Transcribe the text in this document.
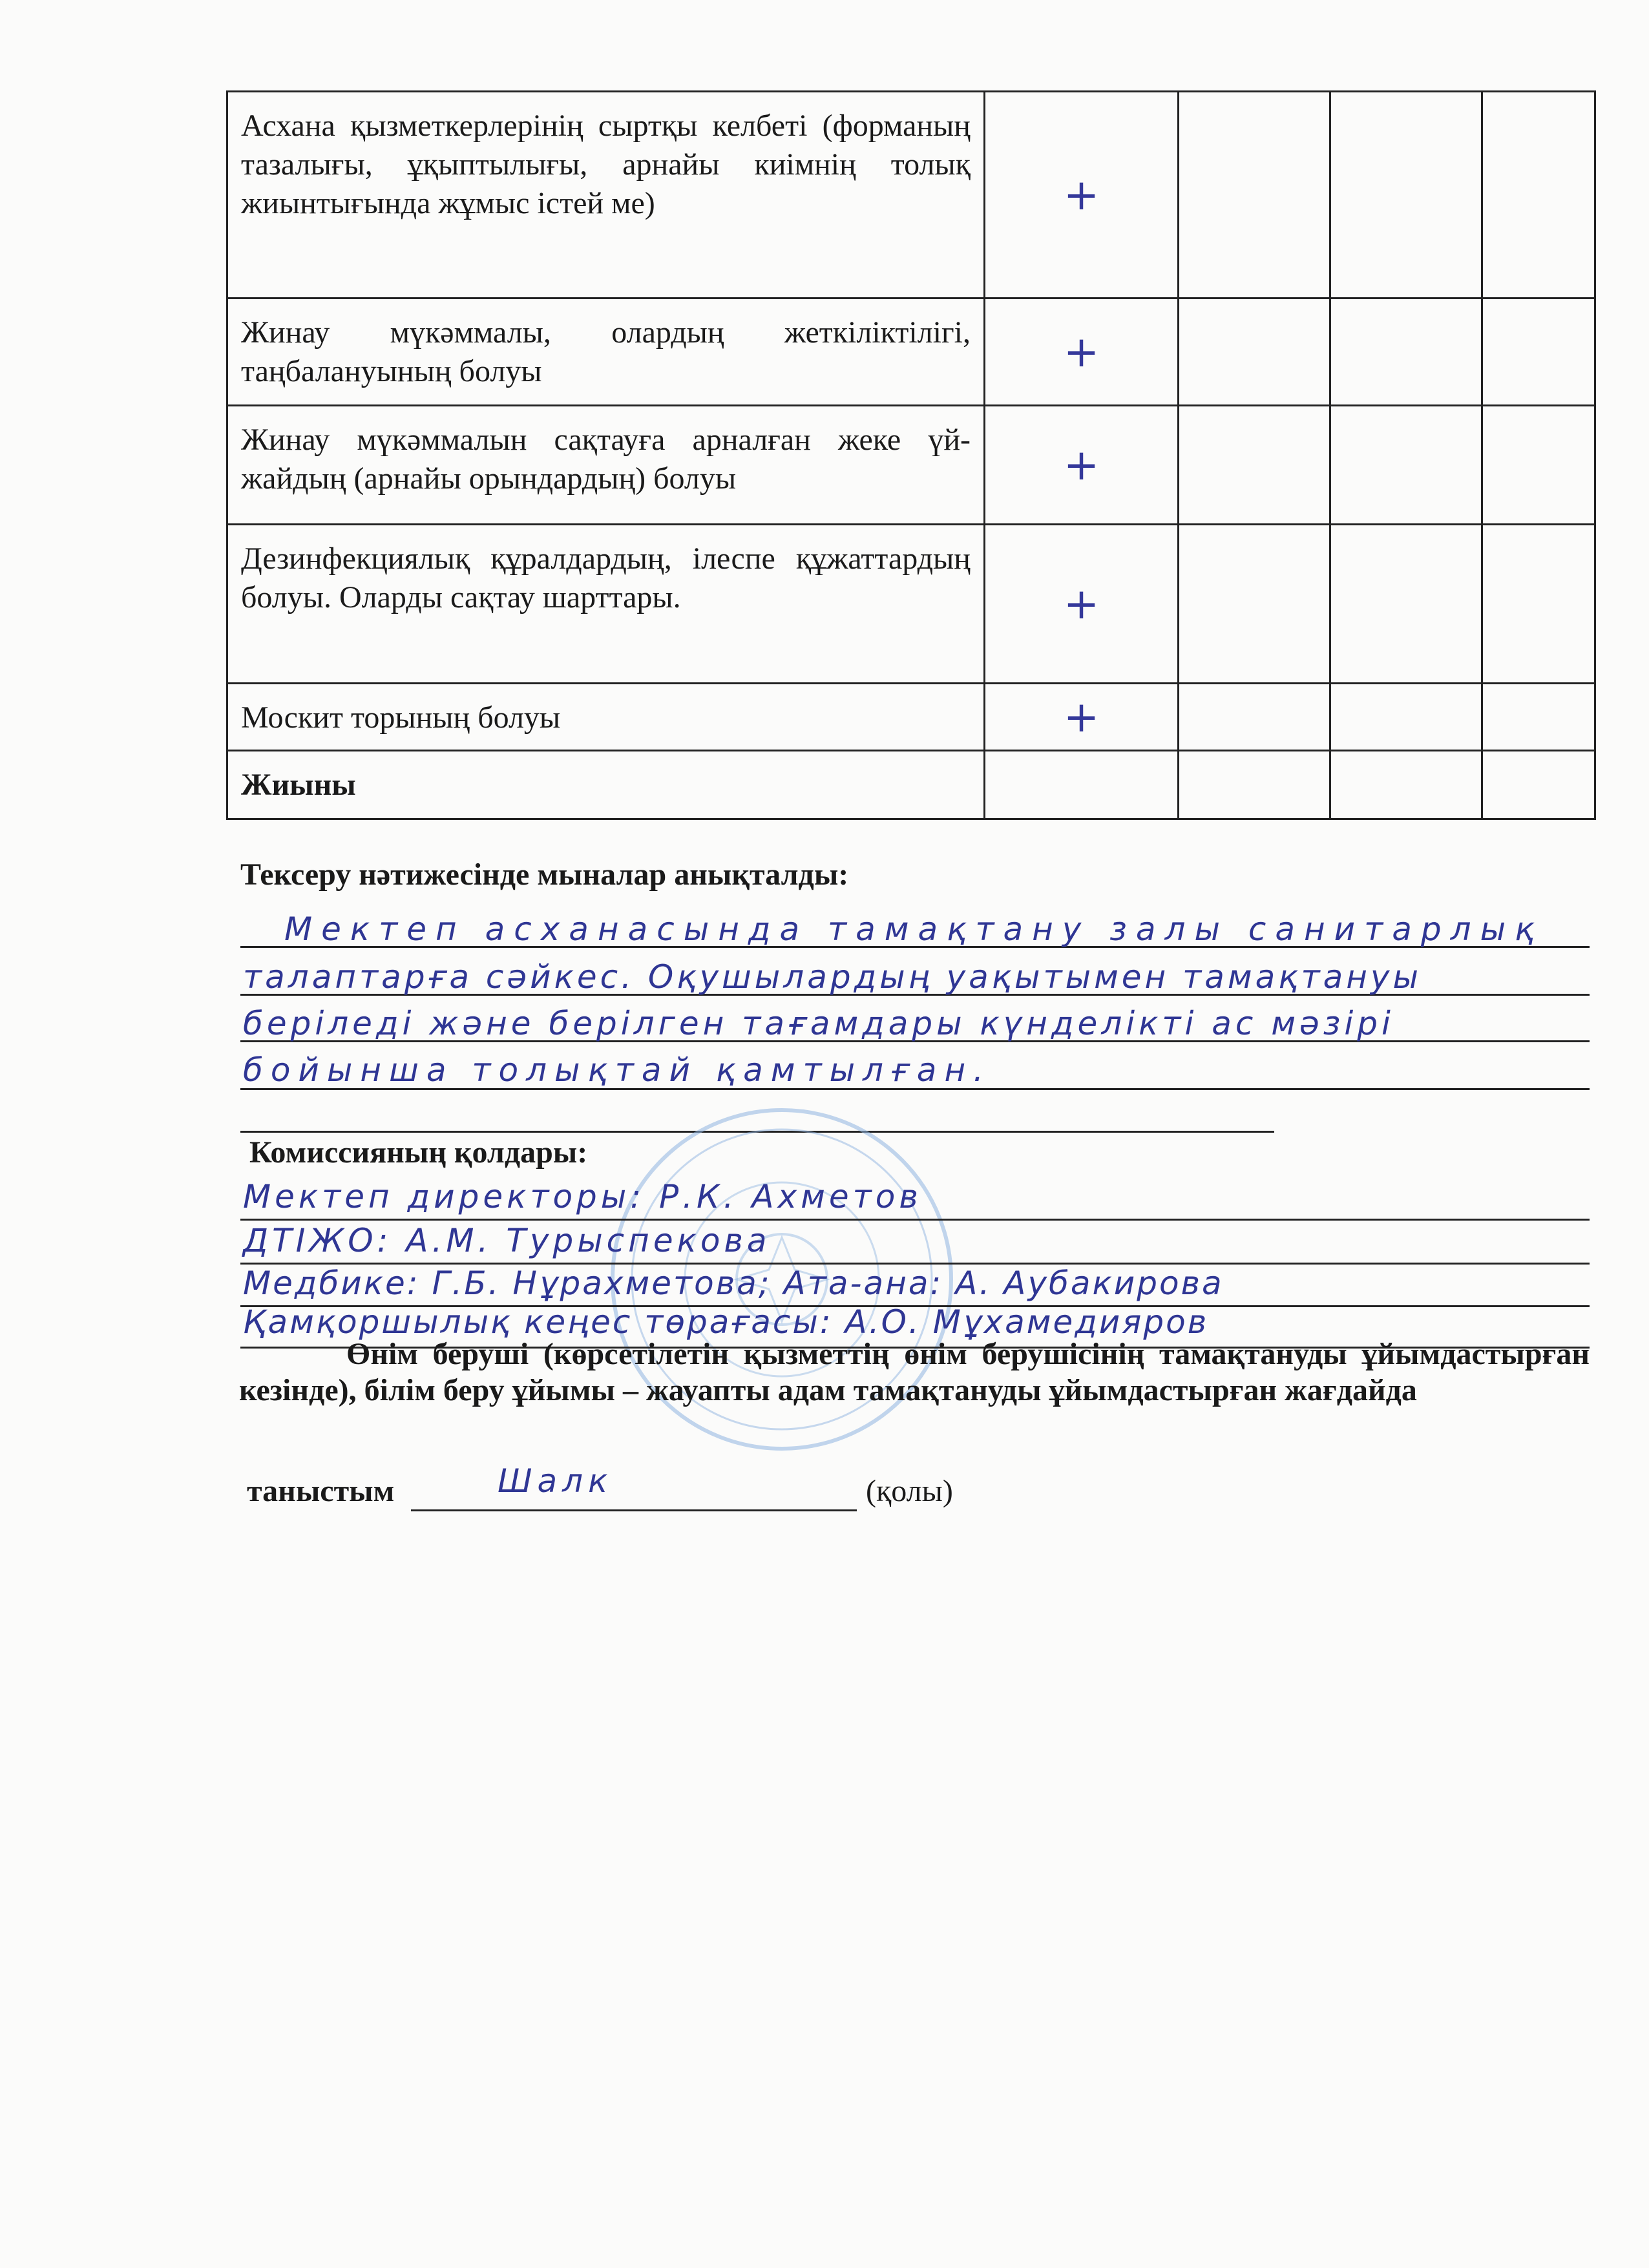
Асхана қызметкерлерінің сыртқы келбеті (форманың тазалығы, ұқыптылығы, арнайы киімнің толық жиынтығында жұмыс істей ме)	+			
Жинау мүкәммалы, олардың жеткіліктілігі, таңбалануының болуы	+			
Жинау мүкәммалын сақтауға арналған жеке үй-жайдың (арнайы орындардың) болуы	+			
Дезинфекциялық құралдардың, ілеспе құжаттардың болуы. Оларды сақтау шарттары.	+			
Москит торының болуы	+			
Жиыны				
Тексеру нәтижесінде мыналар анықталды:
Мектеп асханасында тамақтану залы санитарлық
талаптарға сәйкес. Оқушылардың уақытымен тамақтануы
беріледі және берілген тағамдары күнделікті ас мәзірі
бойынша толықтай қамтылған.
Комиссияның қолдары:
Мектеп директоры: Р.К. Ахметов
ДТІЖО: А.М. Турыспекова
Медбике: Г.Б. Нұрахметова; Ата-ана: А. Аубакирова
Қамқоршылық кеңес төрағасы: А.О. Мұхамедияров
Өнім беруші (көрсетілетін қызметтің өнім берушісінің тамақтануды ұйымдастырған кезінде), білім беру ұйымы – жауапты адам тамақтануды ұйымдастырған жағдайда
таныстым	Шалк	(қолы)
